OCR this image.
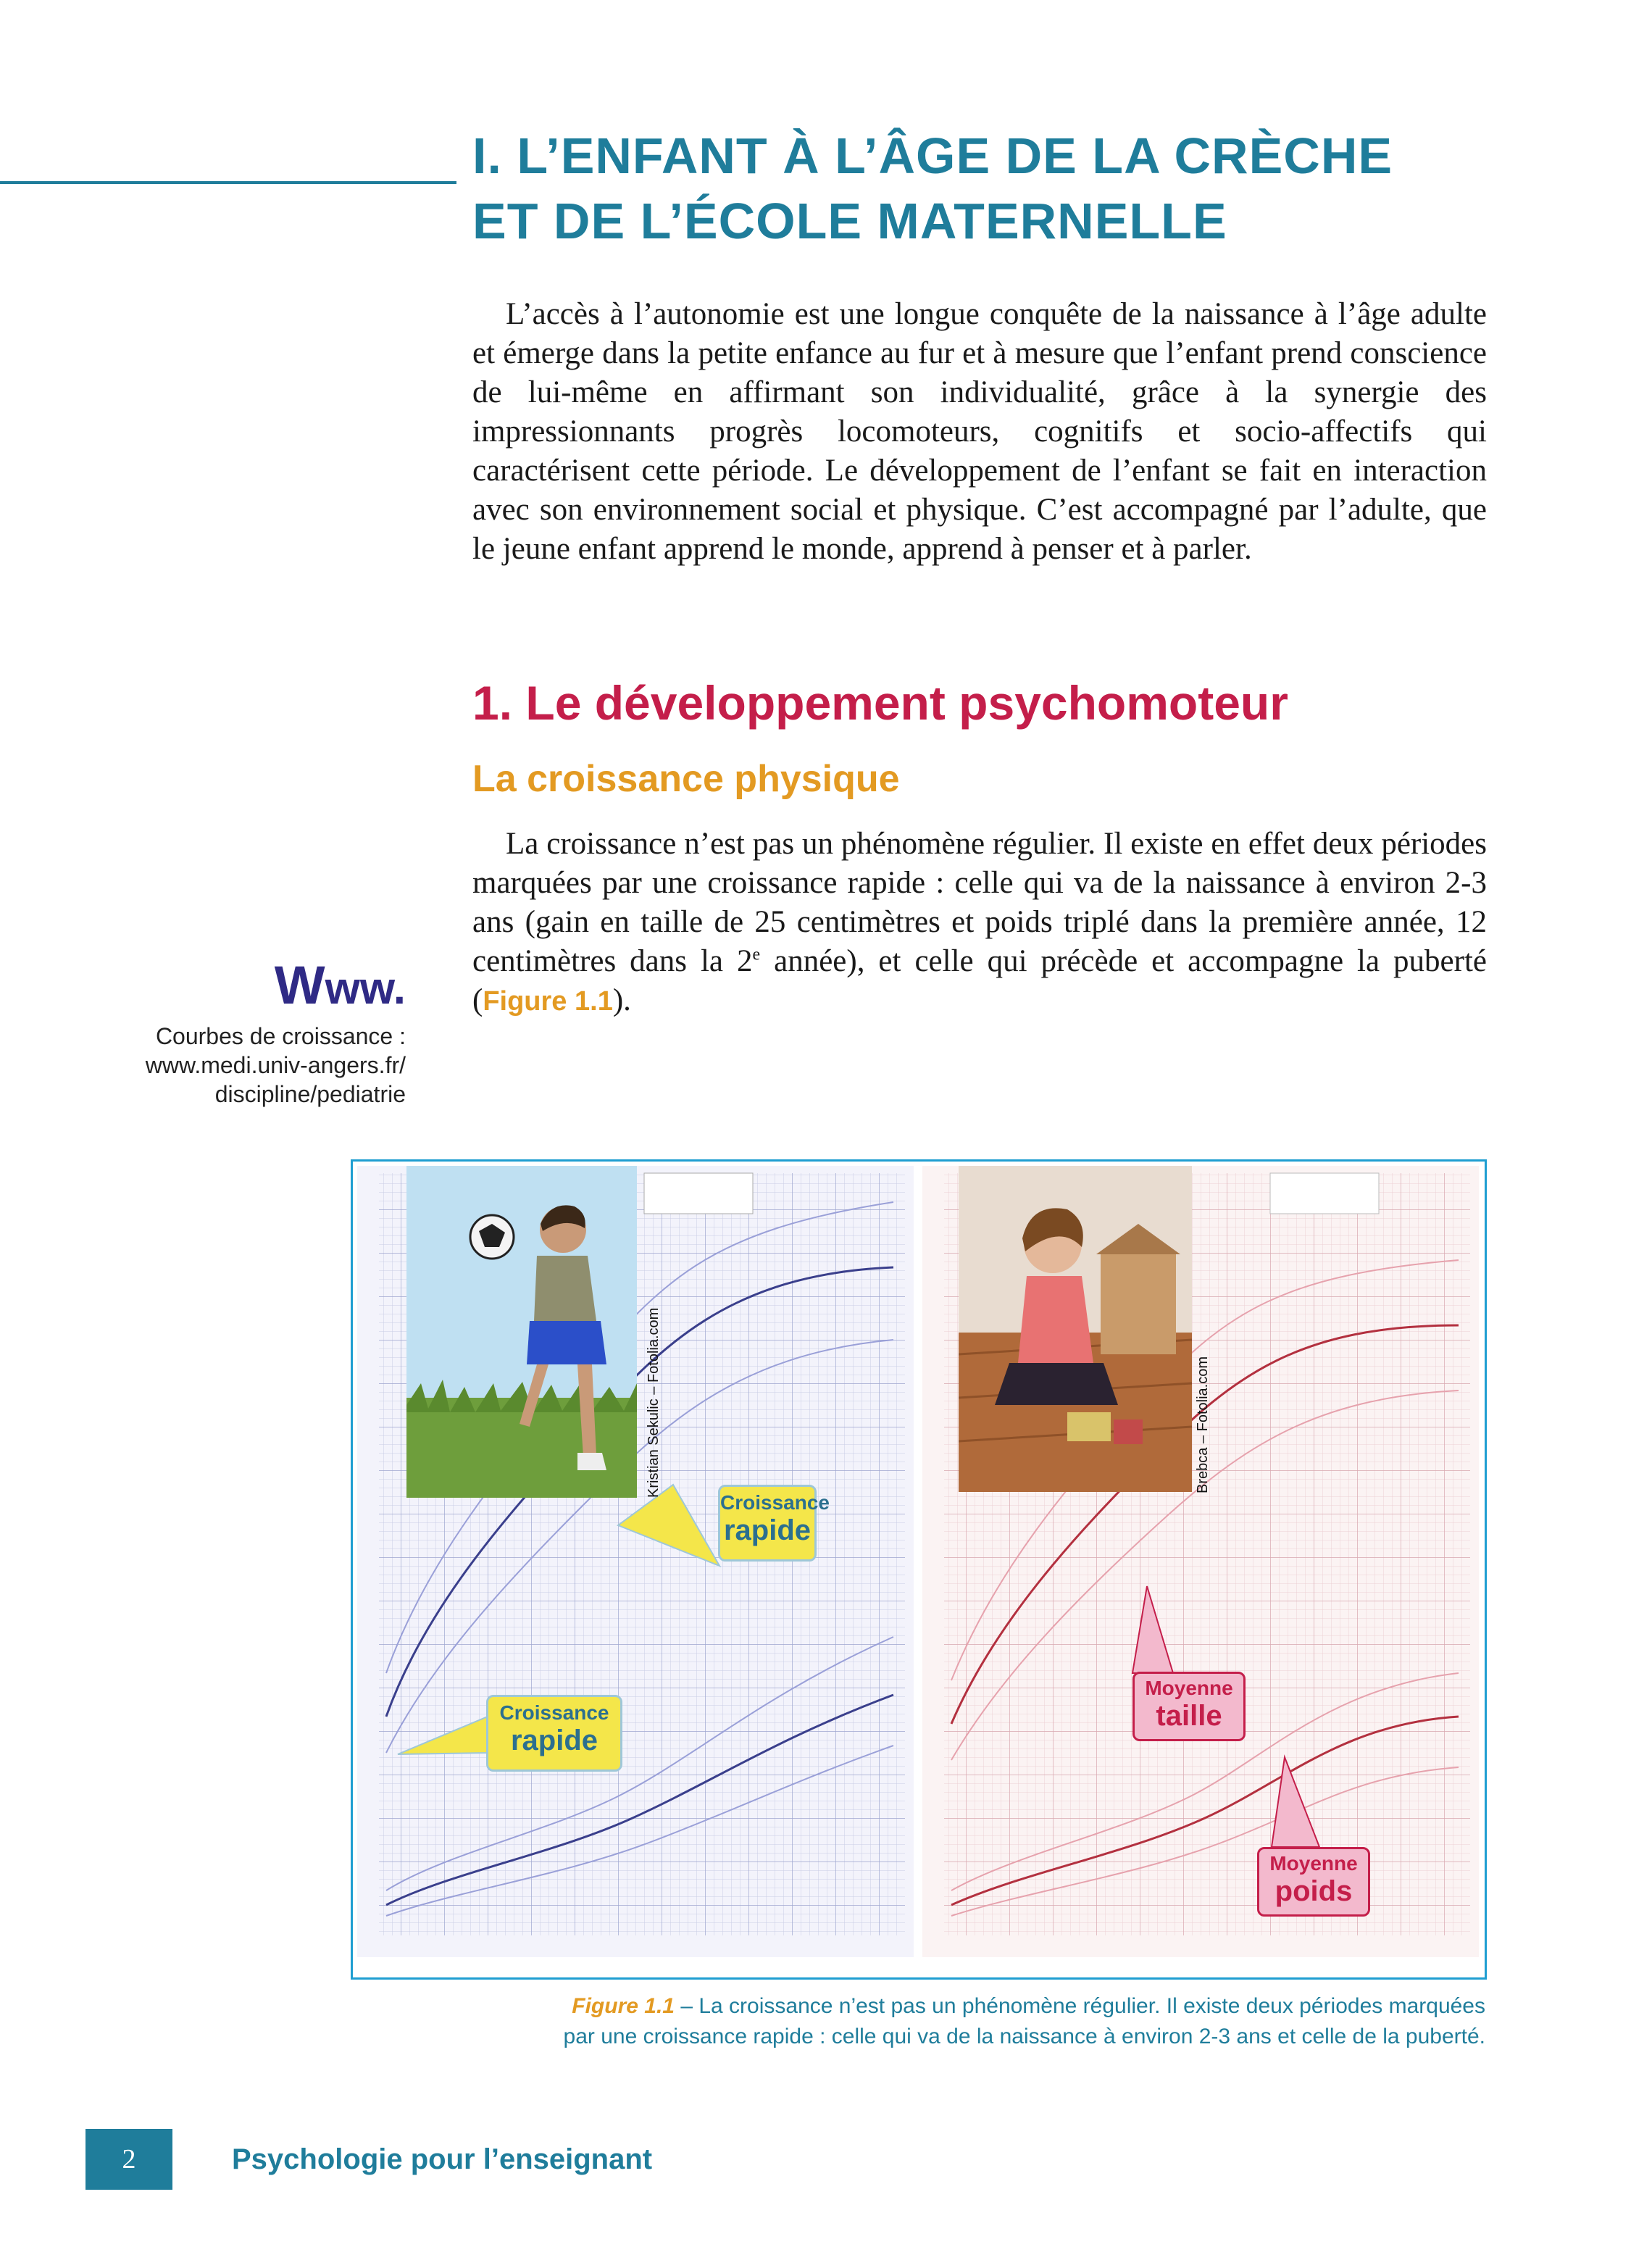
I. L’ENFANT À L’ÂGE DE LA CRÈCHE
ET DE L’ÉCOLE MATERNELLE
L’accès à l’autonomie est une longue conquête de la naissance à l’âge adulte et émerge dans la petite enfance au fur et à mesure que l’enfant prend conscience de lui-même en affirmant son individualité, grâce à la synergie des impressionnants progrès locomoteurs, cognitifs et socio-affectifs qui caractérisent cette période. Le développement de l’enfant se fait en interaction avec son environnement social et physique. C’est accompagné par l’adulte, que le jeune enfant apprend le monde, apprend à penser et à parler.
1. Le développement psychomoteur
La croissance physique
La croissance n’est pas un phénomène régulier. Il existe en effet deux périodes marquées par une croissance rapide : celle qui va de la naissance à environ 2-3 ans (gain en taille de 25 centimètres et poids triplé dans la première année, 12 centimètres dans la 2e année), et celle qui précède et accompagne la puberté (Figure 1.1).
Www.
Courbes de croissance :
www.medi.univ-angers.fr/
discipline/pediatrie
Kristian Sekulic – Fotolia.com
Croissance
rapide
Croissance
rapide
Brebca – Fotolia.com
Moyenne
taille
Moyenne
poids
Figure 1.1 – La croissance n’est pas un phénomène régulier. Il existe deux périodes marquées
par une croissance rapide : celle qui va de la naissance à environ 2-3 ans et celle de la puberté.
2	Psychologie pour l’enseignant
